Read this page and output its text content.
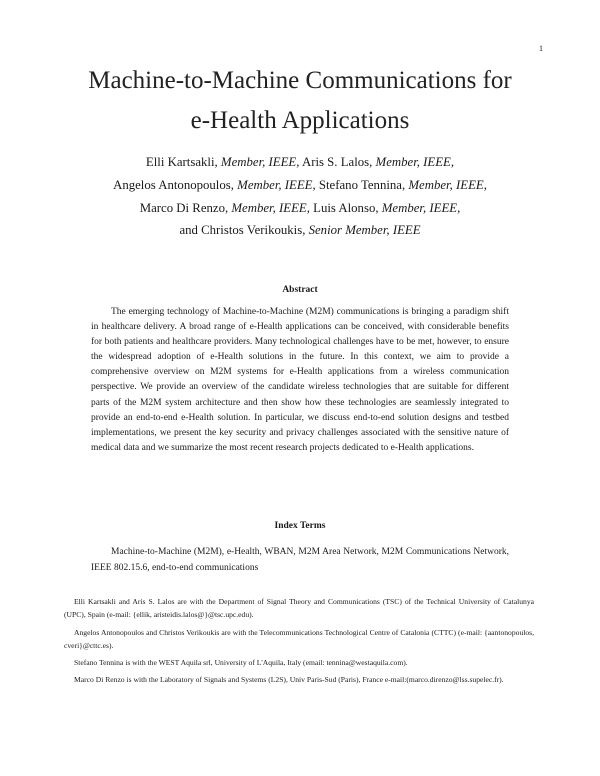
1
Machine-to-Machine Communications for
e-Health Applications
Elli Kartsakli, Member, IEEE, Aris S. Lalos, Member, IEEE,
Angelos Antonopoulos, Member, IEEE, Stefano Tennina, Member, IEEE,
Marco Di Renzo, Member, IEEE, Luis Alonso, Member, IEEE,
and Christos Verikoukis, Senior Member, IEEE
Abstract

The emerging technology of Machine-to-Machine (M2M) communications is bringing a paradigm shift in healthcare delivery. A broad range of e-Health applications can be conceived, with considerable benefits for both patients and healthcare providers. Many technological challenges have to be met, however, to ensure the widespread adoption of e-Health solutions in the future. In this context, we aim to provide a comprehensive overview on M2M systems for e-Health applications from a wireless communication perspective. We provide an overview of the candidate wireless technologies that are suitable for different parts of the M2M system architecture and then show how these technologies are seamlessly integrated to provide an end-to-end e-Health solution. In particular, we discuss end-to-end solution designs and testbed implementations, we present the key security and privacy challenges associated with the sensitive nature of medical data and we summarize the most recent research projects dedicated to e-Health applications.

Index Terms

Machine-to-Machine (M2M), e-Health, WBAN, M2M Area Network, M2M Communications Network, IEEE 802.15.6, end-to-end communications

Elli Kartsakli and Aris S. Lalos are with the Department of Signal Theory and Communications (TSC) of the Technical University of Catalunya (UPC), Spain (e-mail: {ellik, aristeidis.lalos@}@tsc.upc.edu).

Angelos Antonopoulos and Christos Verikoukis are with the Telecommunications Technological Centre of Catalonia (CTTC) (e-mail: {aantonopoulos, cveri}@cttc.es).

Stefano Tennina is with the WEST Aquila srl, University of L'Aquila, Italy (email: tennina@westaquila.com).

Marco Di Renzo is with the Laboratory of Signals and Systems (L2S), Univ Paris-Sud (Paris), France e-mail:(marco.direnzo@lss.supelec.fr).
